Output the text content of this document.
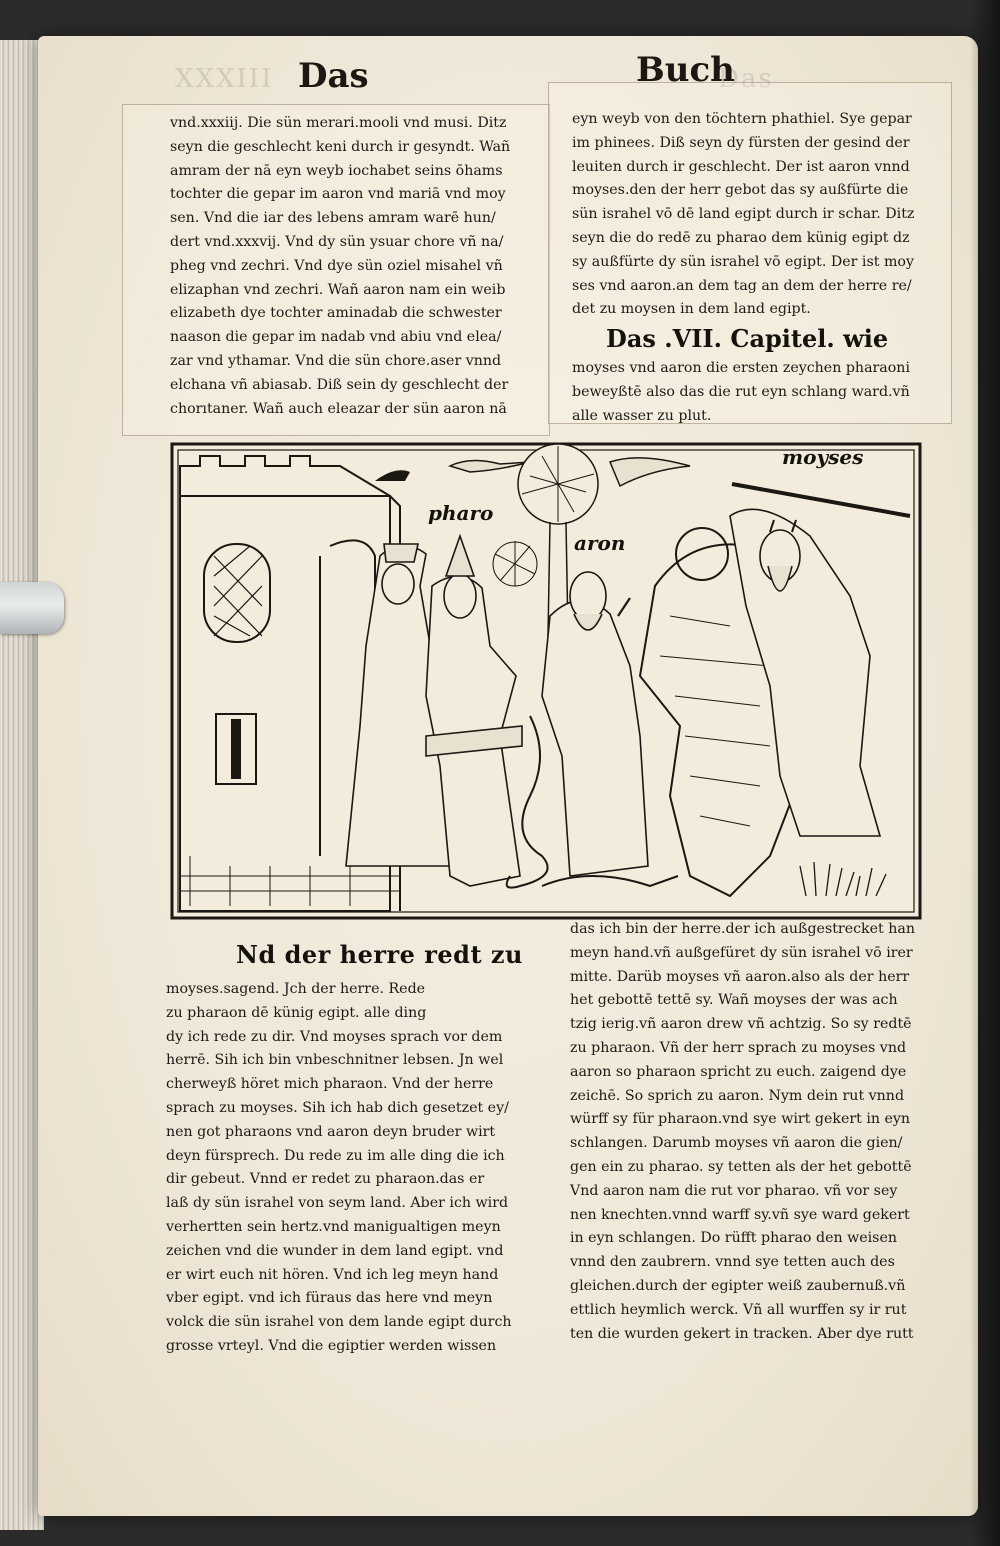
XXXIII	Das
Das	Buch
vnd.xxxiij. Die sün merari.mooli vnd musi. Ditz
seyn die geschlecht keni durch ir gesyndt. Wañ
amram der nā eyn weyb iochabet seins ōhams
tochter die gepar im aaron vnd mariā vnd moy
sen. Vnd die iar des lebens amram warē hun/
dert vnd.xxxvij. Vnd dy sün ysuar chore vñ na/
pheg vnd zechri. Vnd dye sün oziel misahel vñ
elizaphan vnd zechri. Wañ aaron nam ein weib
elizabeth dye tochter aminadab die schwester
naason die gepar im nadab vnd abiu vnd elea/
zar vnd ythamar. Vnd die sün chore.aser vnnd
elchana vñ abiasab. Diß sein dy geschlecht der
chorıtaner. Wañ auch eleazar der sün aaron nā
eyn weyb von den töchtern phathiel. Sye gepar
im phinees. Diß seyn dy fürsten der gesind der
leuiten durch ir geschlecht. Der ist aaron vnnd
moyses.den der herr gebot das sy außfürte die
sün israhel vō dē land egipt durch ir schar. Ditz
seyn die do redē zu pharao dem künig egipt dz
sy außfürte dy sün israhel vō egipt. Der ist moy
ses vnd aaron.an dem tag an dem der herre re/
det zu moysen in dem land egipt.
Das .VII. Capitel. wie
moyses vnd aaron die ersten zeychen pharaoni
beweyßtē also das die rut eyn schlang ward.vñ
alle wasser zu plut.
pharo
aron
moyses
Nd der herre redt zu
moyses.sagend. Jch der herre. Rede
zu pharaon dē künig egipt. alle ding
dy ich rede zu dir. Vnd moyses sprach vor dem
herrē. Sih ich bin vnbeschnitner lebsen. Jn wel
cherweyß höret mich pharaon. Vnd der herre
sprach zu moyses. Sih ich hab dich gesetzet ey/
nen got pharaons vnd aaron deyn bruder wirt
deyn fürsprech. Du rede zu im alle ding die ich
dir gebeut. Vnnd er redet zu pharaon.das er
laß dy sün israhel von seym land. Aber ich wird
verhertten sein hertz.vnd manigualtigen meyn
zeichen vnd die wunder in dem land egipt. vnd
er wirt euch nit hören. Vnd ich leg meyn hand
vber egipt. vnd ich füraus das here vnd meyn
volck die sün israhel von dem lande egipt durch
grosse vrteyl. Vnd die egiptier werden wissen
das ich bin der herre.der ich außgestrecket han
meyn hand.vñ außgefüret dy sün israhel vō irer
mitte. Darüb moyses vñ aaron.also als der herr
het gebottē tettē sy. Wañ moyses der was ach
tzig ierig.vñ aaron drew vñ achtzig. So sy redtē
zu pharaon. Vñ der herr sprach zu moyses vnd
aaron so pharaon spricht zu euch. zaigend dye
zeichē. So sprich zu aaron. Nym dein rut vnnd
würff sy für pharaon.vnd sye wirt gekert in eyn
schlangen. Darumb moyses vñ aaron die gien/
gen ein zu pharao. sy tetten als der het gebottē
Vnd aaron nam die rut vor pharao. vñ vor sey
nen knechten.vnnd warff sy.vñ sye ward gekert
in eyn schlangen. Do rüfft pharao den weisen
vnnd den zaubrern. vnnd sye tetten auch des
gleichen.durch der egipter weiß zaubernuß.vñ
ettlich heymlich werck. Vñ all wurffen sy ir rut
ten die wurden gekert in tracken. Aber dye rutt
